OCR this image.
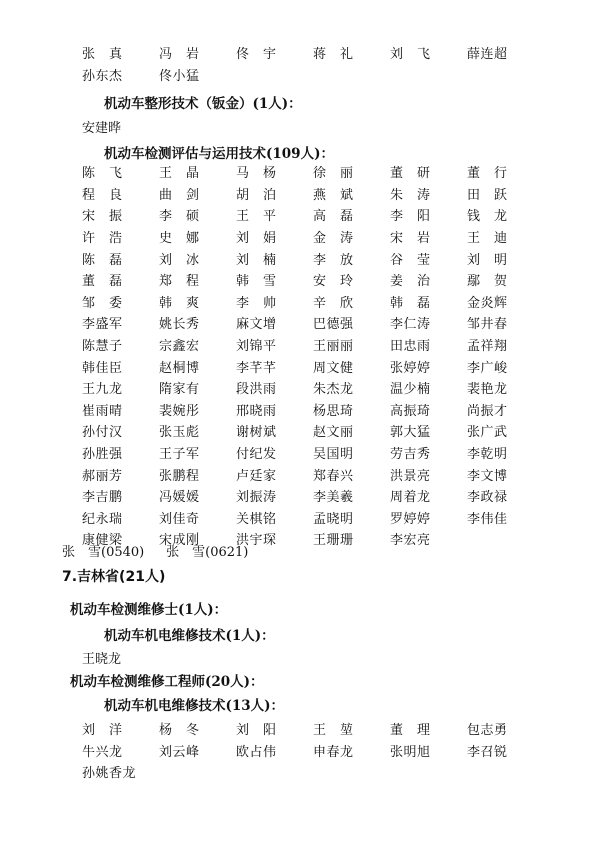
张　真	冯　岩	佟　宇	蒋　礼	刘　飞	薛连超
孙东杰	佟小猛
机动车整形技术（钣金）(1人)：
安建晔
机动车检测评估与运用技术(109人)：
陈　飞	王　晶	马　杨	徐　丽	董　研	董　行
程　良	曲　剑	胡　泊	燕　斌	朱　涛	田　跃
宋　振	李　硕	王　平	高　磊	李　阳	钱　龙
许　浩	史　娜	刘　娟	金　涛	宋　岩	王　迪
陈　磊	刘　冰	刘　楠	李　放	谷　莹	刘　明
董　磊	郑　程	韩　雪	安　玲	姜　治	鄢　贺
邹　委	韩　爽	李　帅	辛　欣	韩　磊	金炎辉
李盛军	姚长秀	麻文增	巴德强	李仁涛	邹井春
陈慧子	宗鑫宏	刘锦平	王丽丽	田忠雨	孟祥翔
韩佳臣	赵桐博	李芊芊	周文健	张婷婷	李广峻
王九龙	隋家有	段洪雨	朱杰龙	温少楠	裴艳龙
崔雨晴	裴婉彤	邢晓雨	杨思琦	高振琦	尚振才
孙付汉	张玉彪	谢树斌	赵文丽	郭大猛	张广武
孙胜强	王子军	付纪发	吴国明	劳吉秀	李乾明
郝丽芳	张鹏程	卢廷家	郑春兴	洪景亮	李文博
李吉鹏	冯媛媛	刘振涛	李美羲	周着龙	李政禄
纪永瑞	刘佳奇	关棋铭	孟晓明	罗婷婷	李伟佳
康健梁	宋成刚	洪宇琛	王珊珊	李宏亮
张　雪(0540) 张　雪(0621)
7.吉林省(21人)
机动车检测维修士(1人)：
机动车机电维修技术(1人)：
王晓龙
机动车检测维修工程师(20人)：
机动车机电维修技术(13人)：
刘　洋	杨　冬	刘　阳	王　堃	董　理	包志勇
牛兴龙	刘云峰	欧占伟	申春龙	张明旭	李召锐
孙姚香龙
